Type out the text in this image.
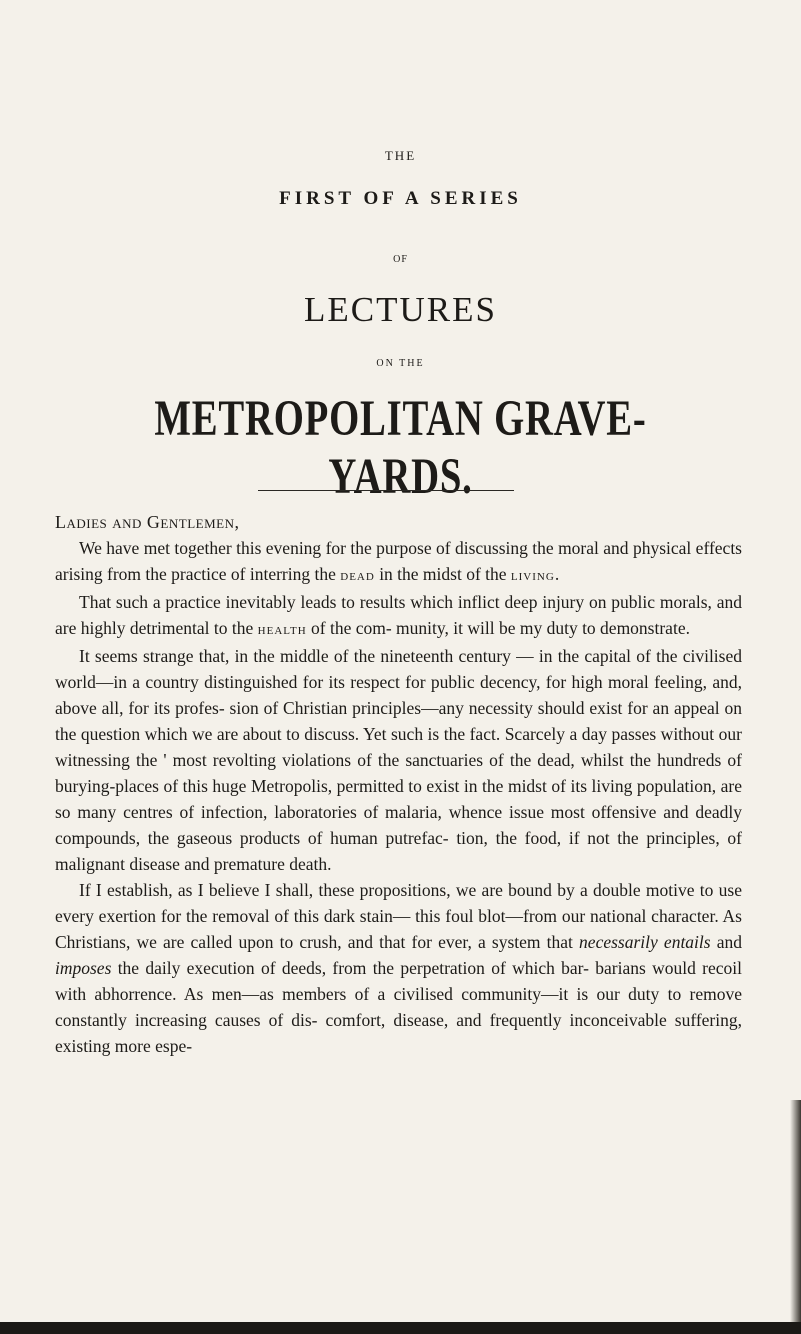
THE
FIRST OF A SERIES
OF
LECTURES
ON THE
METROPOLITAN GRAVE-YARDS.
Ladies and Gentlemen,

We have met together this evening for the purpose of discussing the moral and physical effects arising from the practice of interring the dead in the midst of the living.

That such a practice inevitably leads to results which inflict deep injury on public morals, and are highly detrimental to the health of the com- munity, it will be my duty to demonstrate.

It seems strange that, in the middle of the nineteenth century — in the capital of the civilised world—in a country distinguished for its respect for public decency, for high moral feeling, and, above all, for its profes- sion of Christian principles—any necessity should exist for an appeal on the question which we are about to discuss. Yet such is the fact. Scarcely a day passes without our witnessing the ' most revolting violations of the sanctuaries of the dead, whilst the hundreds of burying-places of this huge Metropolis, permitted to exist in the midst of its living population, are so many centres of infection, laboratories of malaria, whence issue most offensive and deadly compounds, the gaseous products of human putrefac- tion, the food, if not the principles, of malignant disease and premature death.

If I establish, as I believe I shall, these propositions, we are bound by a double motive to use every exertion for the removal of this dark stain— this foul blot—from our national character. As Christians, we are called upon to crush, and that for ever, a system that necessarily entails and imposes the daily execution of deeds, from the perpetration of which bar- barians would recoil with abhorrence. As men—as members of a civilised community—it is our duty to remove constantly increasing causes of dis- comfort, disease, and frequently inconceivable suffering, existing more espe-
